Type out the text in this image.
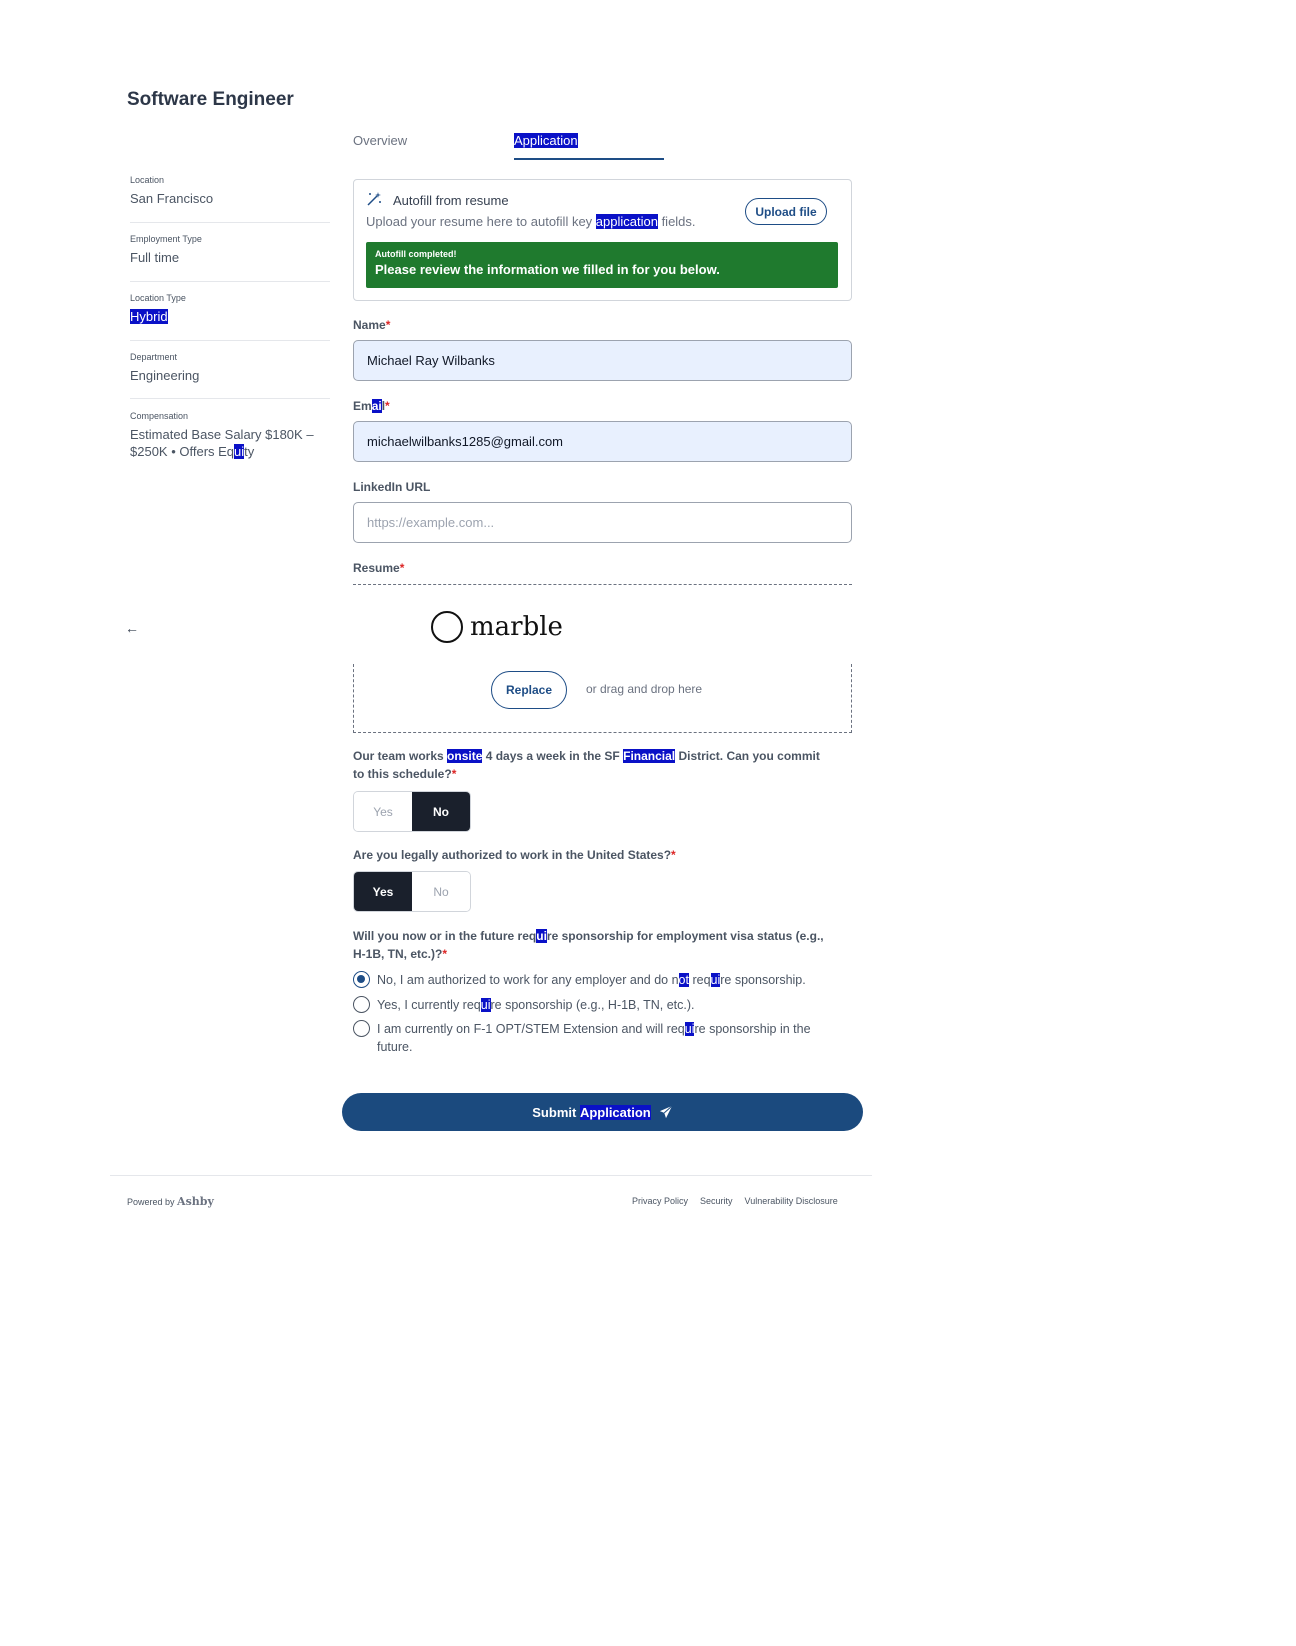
Software Engineer
Overview	Application
Location
San Francisco
Employment Type
Full time
Location Type
Hybrid
Department
Engineering
Compensation
Estimated Base Salary $180K –
$250K • Offers Equity
←
Autofill from resume
Upload your resume here to autofill key application fields.
Upload file
Autofill completed!
Please review the information we filled in for you below.
Name*
Michael Ray Wilbanks
Email*
michaelwilbanks1285@gmail.com
LinkedIn URL
https://example.com...
Resume*
marble
Replace	or drag and drop here
Our team works onsite 4 days a week in the SF Financial District. Can you commit
to this schedule?*
Yes	No
Are you legally authorized to work in the United States?*
Yes	No
Will you now or in the future require sponsorship for employment visa status (e.g.,
H-1B, TN, etc.)?*
No, I am authorized to work for any employer and do not require sponsorship.
Yes, I currently require sponsorship (e.g., H-1B, TN, etc.).
I am currently on F-1 OPT/STEM Extension and will require sponsorship in the
future.
Submit Application
Powered by Ashby	Privacy Policy Security Vulnerability Disclosure
